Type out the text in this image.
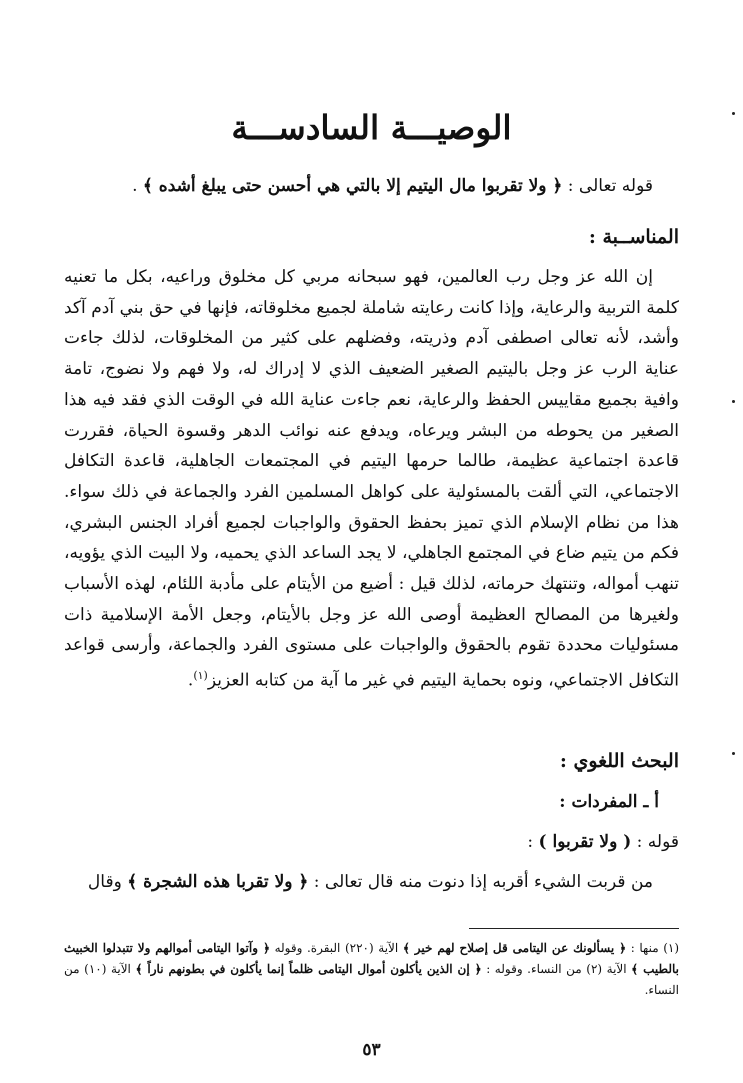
الوصيـــة السادســـة
قوله تعالى : ﴿ ولا تقربوا مال اليتيم إلا بالتي هي أحسن حتى يبلغ أشده ﴾ .
المناســبة :
إن الله عز وجل رب العالمين، فهو سبحانه مربي كل مخلوق وراعيه، بكل ما تعنيه كلمة التربية والرعاية، وإذا كانت رعايته شاملة لجميع مخلوقاته، فإنها في حق بني آدم آكد وأشد، لأنه تعالى اصطفى آدم وذريته، وفضلهم على كثير من المخلوقات، لذلك جاءت عناية الرب عز وجل باليتيم الصغير الضعيف الذي لا إدراك له، ولا فهم ولا نضوج، تامة وافية بجميع مقاييس الحفظ والرعاية، نعم جاءت عناية الله في الوقت الذي فقد فيه هذا الصغير من يحوطه من البشر ويرعاه، ويدفع عنه نوائب الدهر وقسوة الحياة، فقررت قاعدة اجتماعية عظيمة، طالما حرمها اليتيم في المجتمعات الجاهلية، قاعدة التكافل الاجتماعي، التي ألقت بالمسئولية على كواهل المسلمين الفرد والجماعة في ذلك سواء. هذا من نظام الإسلام الذي تميز بحفظ الحقوق والواجبات لجميع أفراد الجنس البشري، فكم من يتيم ضاع في المجتمع الجاهلي، لا يجد الساعد الذي يحميه، ولا البيت الذي يؤويه، تنهب أمواله، وتنتهك حرماته، لذلك قيل : أضيع من الأيتام على مأدبة اللئام، لهذه الأسباب ولغيرها من المصالح العظيمة أوصى الله عز وجل بالأيتام، وجعل الأمة الإسلامية ذات مسئوليات محددة تقوم بالحقوق والواجبات على مستوى الفرد والجماعة، وأرسى قواعد التكافل الاجتماعي، ونوه بحماية اليتيم في غير ما آية من كتابه العزيز$^{(١)}$.
البحث اللغوي :
أ ـ المفردات :
قوله : ( ولا تقربوا ) :
من قربت الشيء أقربه إذا دنوت منه قال تعالى : ﴿ ولا تقربا هذه الشجرة ﴾ وقال
(١) منها : ﴿ يسألونك عن اليتامى قل إصلاح لهم خير ﴾ الآية (٢٢٠) البقرة. وقوله ﴿ وآتوا اليتامى أموالهم ولا تتبدلوا الخبيث بالطيب ﴾ الآية (٢) من النساء. وقوله : ﴿ إن الذين يأكلون أموال اليتامى ظلماً إنما يأكلون في بطونهم ناراً ﴾ الآية (١٠) من النساء.
٥٣
